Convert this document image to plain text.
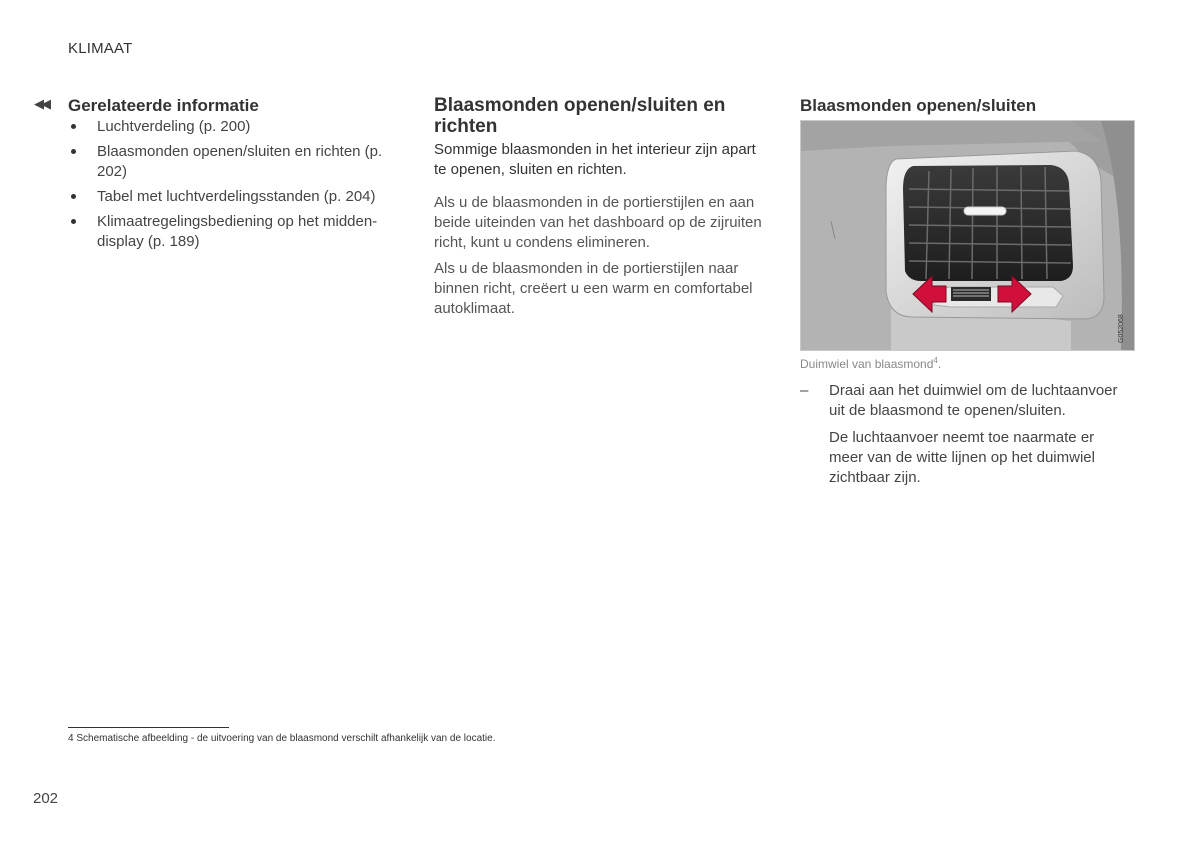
KLIMAAT
◀◀ Gerelateerde informatie
Luchtverdeling (p. 200)
Blaasmonden openen/sluiten en richten (p. 202)
Tabel met luchtverdelingsstanden (p. 204)
Klimaatregelingsbediening op het midden-display (p. 189)
Blaasmonden openen/sluiten en richten
Sommige blaasmonden in het interieur zijn apart te openen, sluiten en richten.
Als u de blaasmonden in de portierstijlen en aan beide uiteinden van het dashboard op de zijruiten richt, kunt u condens elimineren.
Als u de blaasmonden in de portierstijlen naar binnen richt, creëert u een warm en comfortabel autoklimaat.
Blaasmonden openen/sluiten
G052068
Duimwiel van blaasmond$^4$.
– Draai aan het duimwiel om de luchtaanvoer uit de blaasmond te openen/sluiten.
De luchtaanvoer neemt toe naarmate er meer van de witte lijnen op het duimwiel zichtbaar zijn.
4 Schematische afbeelding - de uitvoering van de blaasmond verschilt afhankelijk van de locatie.
202
